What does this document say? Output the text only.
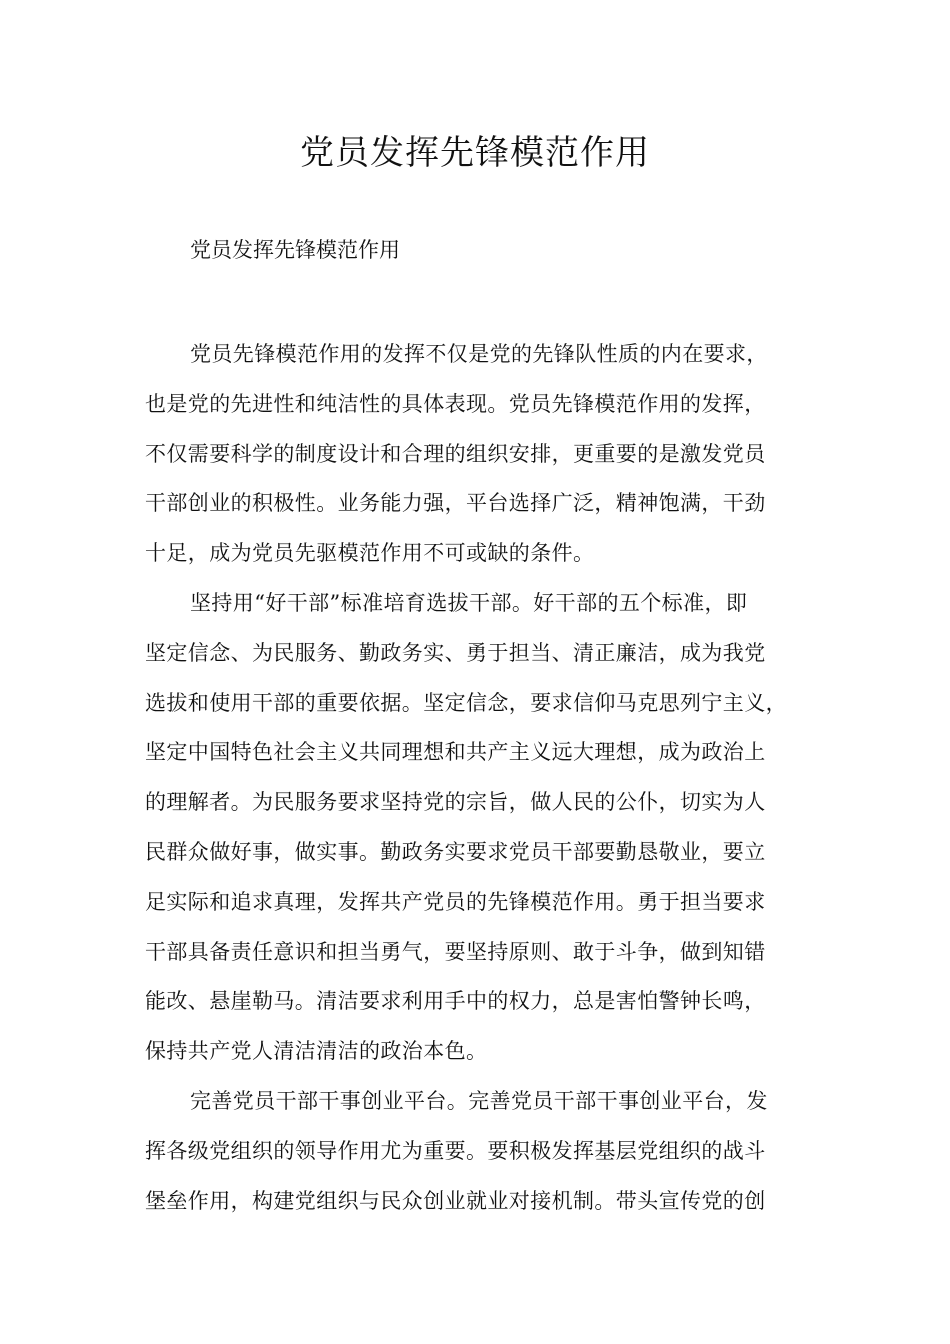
党员发挥先锋模范作用

党员发挥先锋模范作用

党员先锋模范作用的发挥不仅是党的先锋队性质的内在要求，
也是党的先进性和纯洁性的具体表现。党员先锋模范作用的发挥，
不仅需要科学的制度设计和合理的组织安排，更重要的是激发党员
干部创业的积极性。业务能力强，平台选择广泛，精神饱满，干劲
十足，成为党员先驱模范作用不可或缺的条件。

坚持用“好干部”标准培育选拔干部。好干部的五个标准，即
坚定信念、为民服务、勤政务实、勇于担当、清正廉洁，成为我党
选拔和使用干部的重要依据。坚定信念，要求信仰马克思列宁主义，
坚定中国特色社会主义共同理想和共产主义远大理想，成为政治上
的理解者。为民服务要求坚持党的宗旨，做人民的公仆，切实为人
民群众做好事，做实事。勤政务实要求党员干部要勤恳敬业，要立
足实际和追求真理，发挥共产党员的先锋模范作用。勇于担当要求
干部具备责任意识和担当勇气，要坚持原则、敢于斗争，做到知错
能改、悬崖勒马。清洁要求利用手中的权力，总是害怕警钟长鸣，
保持共产党人清洁清洁的政治本色。

完善党员干部干事创业平台。完善党员干部干事创业平台，发
挥各级党组织的领导作用尤为重要。要积极发挥基层党组织的战斗
堡垒作用，构建党组织与民众创业就业对接机制。带头宣传党的创
